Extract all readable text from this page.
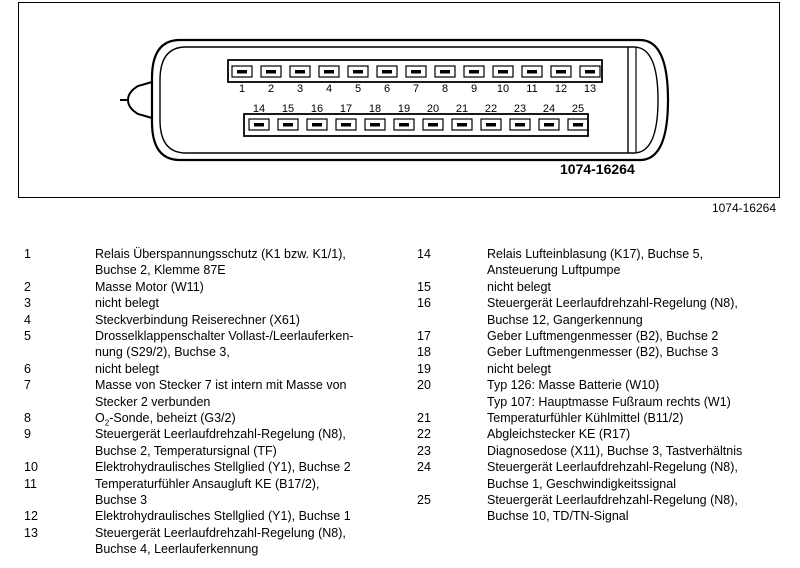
1 2 3 4 5 6 7 8 9 10 11 12 13
14 15 16 17 18 19 20 21 22 23 24 25
1074-16264
1074-16264
1	Relais Überspannungsschutz (K1 bzw. K1/1),
Buchse 2, Klemme 87E
2	Masse Motor (W11)
3	nicht belegt
4	Steckverbindung Reiserechner (X61)
5	Drosselklappenschalter Vollast-/Leerlauferken-
nung (S29/2), Buchse 3,
6	nicht belegt
7	Masse von Stecker 7 ist intern mit Masse von
Stecker 2 verbunden
8	$O_2$-Sonde, beheizt (G3/2)
9	Steuergerät Leerlaufdrehzahl-Regelung (N8),
Buchse 2, Temperatursignal (TF)
10	Elektrohydraulisches Stellglied (Y1), Buchse 2
11	Temperaturfühler Ansaugluft KE (B17/2),
Buchse 3
12	Elektrohydraulisches Stellglied (Y1), Buchse 1
13	Steuergerät Leerlaufdrehzahl-Regelung (N8),
Buchse 4, Leerlauferkennung
14	Relais Lufteinblasung (K17), Buchse 5,
Ansteuerung Luftpumpe
15	nicht belegt
16	Steuergerät Leerlaufdrehzahl-Regelung (N8),
Buchse 12, Gangerkennung
17	Geber Luftmengenmesser (B2), Buchse 2
18	Geber Luftmengenmesser (B2), Buchse 3
19	nicht belegt
20	Typ 126: Masse Batterie (W10)
Typ 107: Hauptmasse Fußraum rechts (W1)
21	Temperaturfühler Kühlmittel (B11/2)
22	Abgleichstecker KE (R17)
23	Diagnosedose (X11), Buchse 3, Tastverhältnis
24	Steuergerät Leerlaufdrehzahl-Regelung (N8),
Buchse 1, Geschwindigkeitssignal
25	Steuergerät Leerlaufdrehzahl-Regelung (N8),
Buchse 10, TD/TN-Signal
